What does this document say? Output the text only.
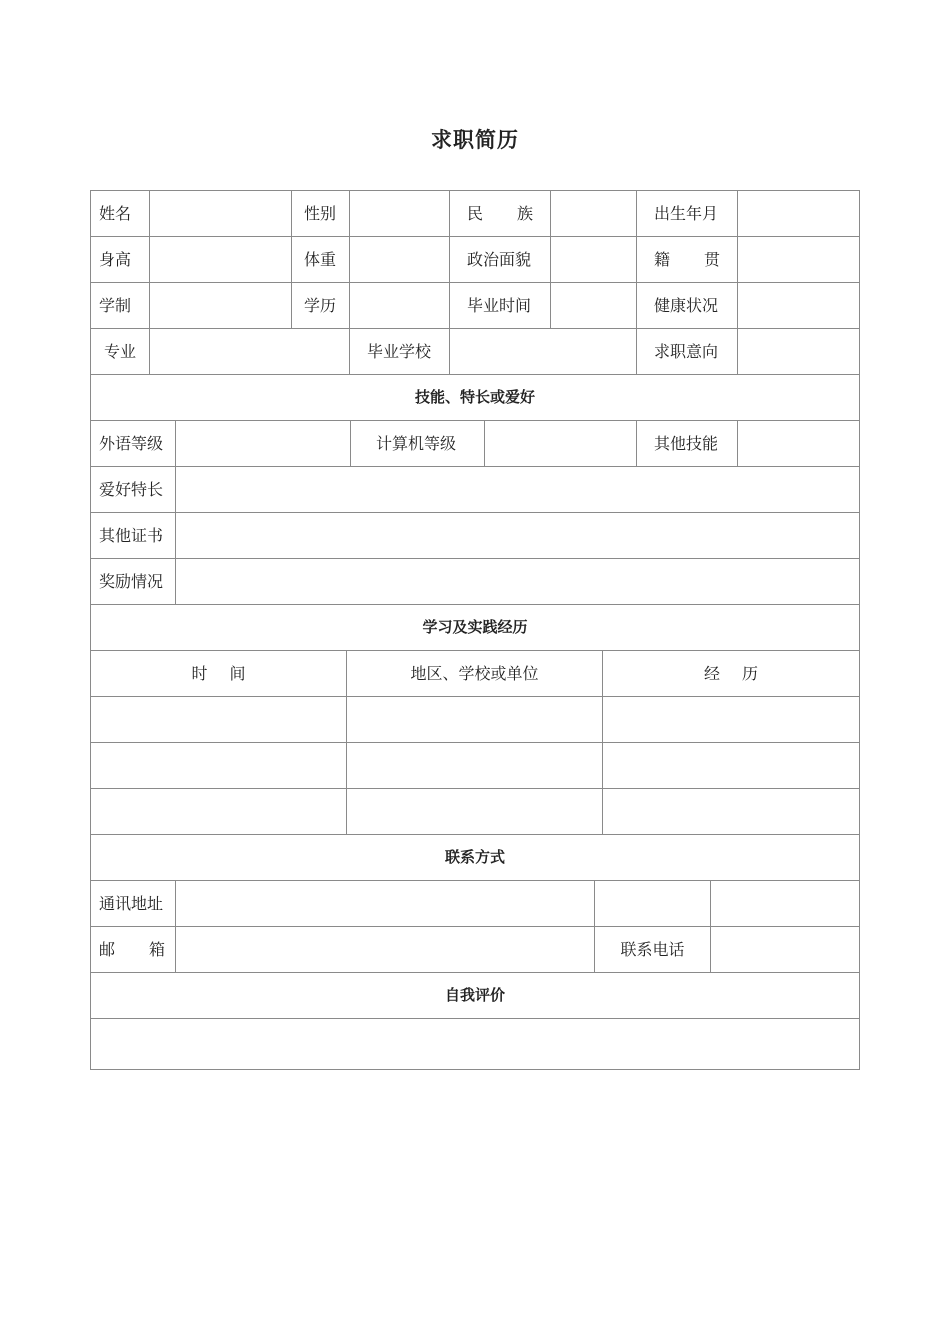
求职简历
姓名	性别	民 族	出生年月
身高	体重	政治面貌	籍 贯
学制	学历	毕业时间	健康状况
专业	毕业学校	求职意向
技能、特长或爱好
外语等级	计算机等级	其他技能
爱好特长
其他证书
奖励情况
学习及实践经历
时 间	地区、学校或单位	经 历
联系方式
通讯地址
邮 箱	联系电话
自我评价
